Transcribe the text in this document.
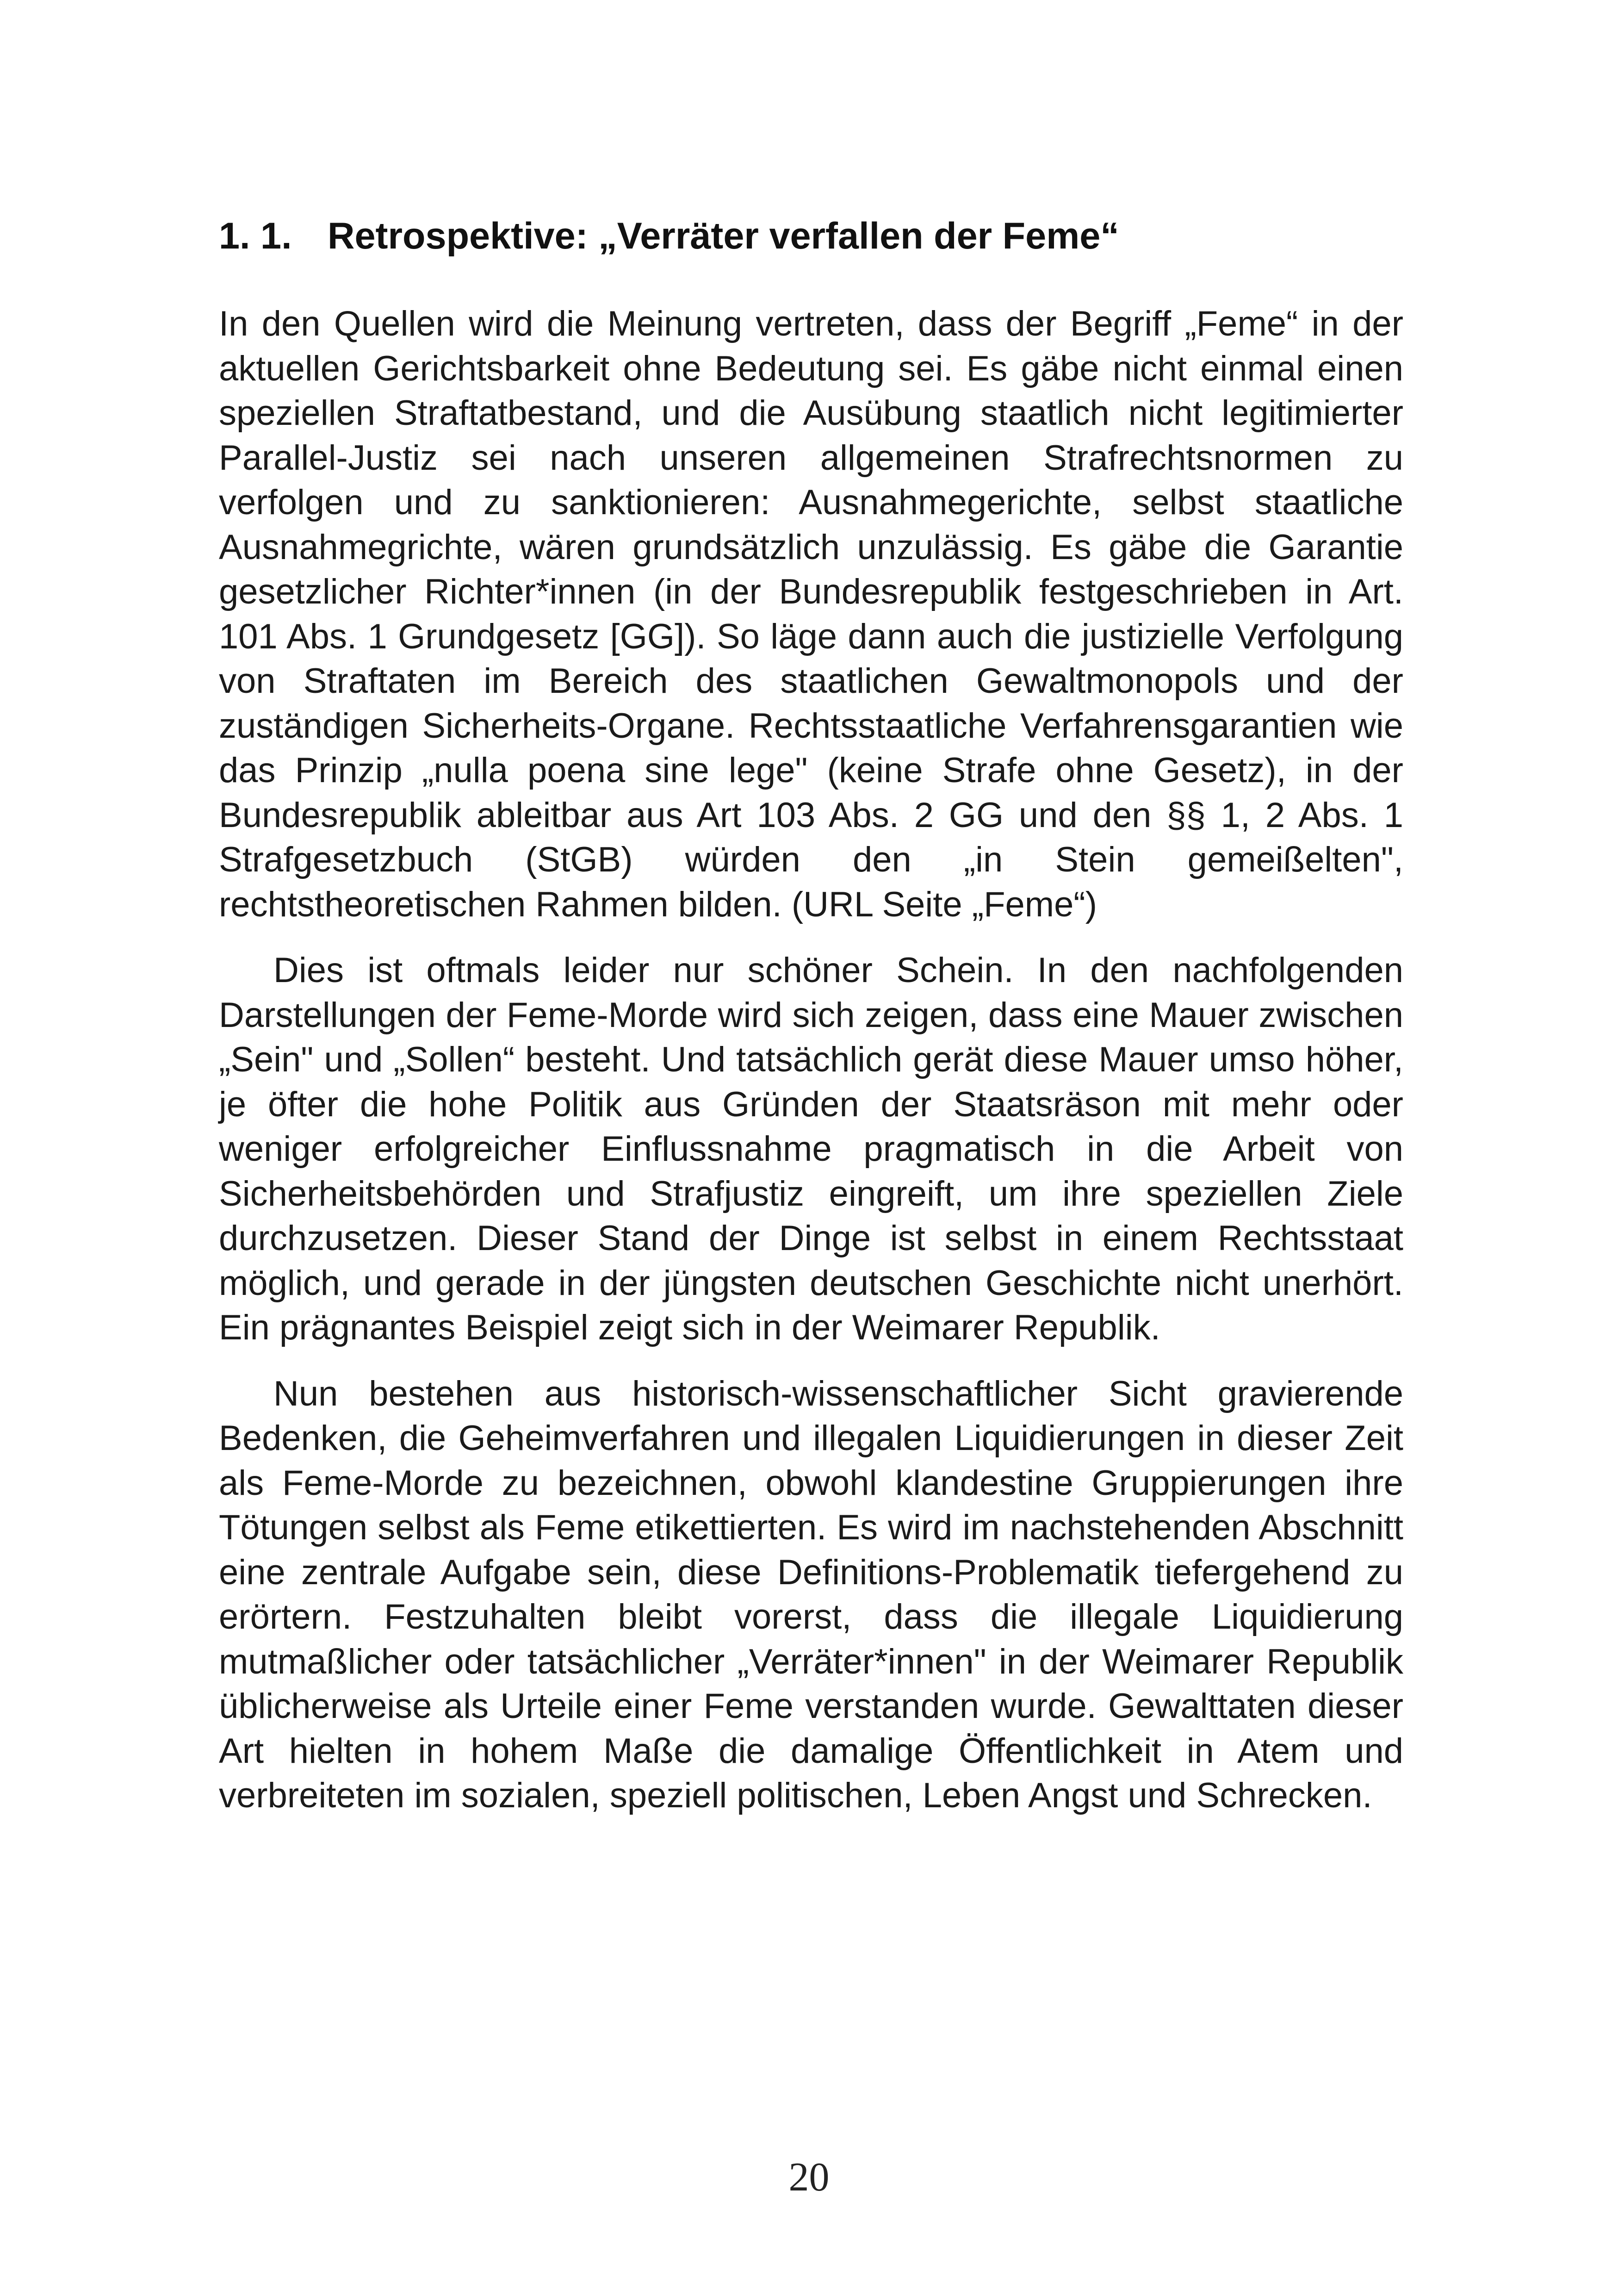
1. 1. Retrospektive: „Verräter verfallen der Feme“

In den Quellen wird die Meinung vertreten, dass der Begriff „Feme“ in der aktuellen Gerichtsbarkeit ohne Bedeutung sei. Es gäbe nicht einmal einen speziellen Straftatbestand, und die Ausübung staatlich nicht legitimierter Parallel-Justiz sei nach unseren allgemeinen Strafrechtsnormen zu verfolgen und zu sanktionieren: Ausnahmegerichte, selbst staatliche Ausnahmegrichte, wären grundsätzlich unzulässig. Es gäbe die Garantie gesetzlicher Richter*innen (in der Bundesrepublik festgeschrieben in Art. 101 Abs. 1 Grundgesetz [GG]). So läge dann auch die justizielle Verfolgung von Straftaten im Bereich des staatlichen Gewaltmonopols und der zuständigen Sicherheits-Organe. Rechtsstaatliche Verfahrensgarantien wie das Prinzip „nulla poena sine lege" (keine Strafe ohne Gesetz), in der Bundesrepublik ableitbar aus Art 103 Abs. 2 GG und den §§ 1, 2 Abs. 1 Strafgesetzbuch (StGB) würden den „in Stein gemeißelten", rechtstheoretischen Rahmen bilden. (URL Seite „Feme“)

Dies ist oftmals leider nur schöner Schein. In den nachfolgenden Darstellungen der Feme-Morde wird sich zeigen, dass eine Mauer zwischen „Sein" und „Sollen“ besteht. Und tatsächlich gerät diese Mauer umso höher, je öfter die hohe Politik aus Gründen der Staatsräson mit mehr oder weniger erfolgreicher Einflussnahme pragmatisch in die Arbeit von Sicherheitsbehörden und Strafjustiz eingreift, um ihre speziellen Ziele durchzusetzen. Dieser Stand der Dinge ist selbst in einem Rechtsstaat möglich, und gerade in der jüngsten deutschen Geschichte nicht unerhört. Ein prägnantes Beispiel zeigt sich in der Weimarer Republik.

Nun bestehen aus historisch-wissenschaftlicher Sicht gravierende Bedenken, die Geheimverfahren und illegalen Liquidierungen in dieser Zeit als Feme-Morde zu bezeichnen, obwohl klandestine Gruppierungen ihre Tötungen selbst als Feme etikettierten. Es wird im nachstehenden Abschnitt eine zentrale Aufgabe sein, diese Definitions-Problematik tiefergehend zu erörtern. Festzuhalten bleibt vorerst, dass die illegale Liquidierung mutmaßlicher oder tatsächlicher „Verräter*innen" in der Weimarer Republik üblicherweise als Urteile einer Feme verstanden wurde. Gewalttaten dieser Art hielten in hohem Maße die damalige Öffentlichkeit in Atem und verbreiteten im sozialen, speziell politischen, Leben Angst und Schrecken.

20
